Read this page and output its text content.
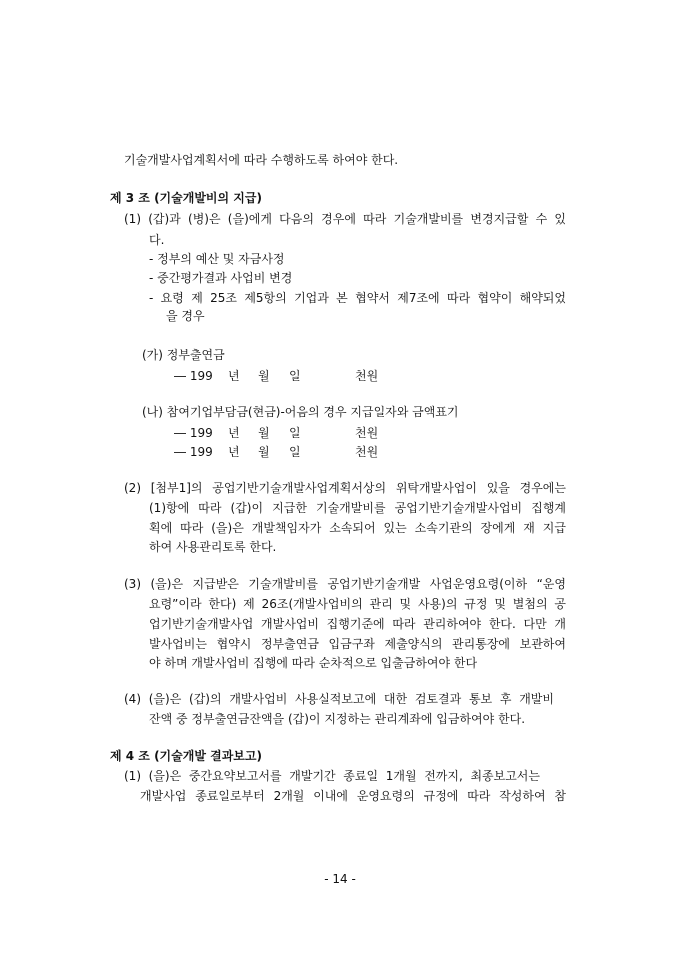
기술개발사업계획서에 따라 수행하도록 하여야 한다.
제 3 조 (기술개발비의 지급)
(1) (갑)과 (병)은 (을)에게 다음의 경우에 따라 기술개발비를 변경지급할 수 있
다.
- 정부의 예산 및 자금사정
- 중간평가결과 사업비 변경
- 요령 제 25조 제5항의 기업과 본 협약서 제7조에 따라 협약이 해약되었
을 경우
(가) 정부출연금
― 199 년 월 일	천원
(나) 참여기업부담금(현금)-어음의 경우 지급일자와 금액표기
― 199 년 월 일	천원
― 199 년 월 일	천원
(2) [첨부1]의 공업기반기술개발사업계획서상의 위탁개발사업이 있을 경우에는
(1)항에 따라 (갑)이 지급한 기술개발비를 공업기반기술개발사업비 집행계
획에 따라 (을)은 개발책임자가 소속되어 있는 소속기관의 장에게 재 지급
하여 사용관리토록 한다.
(3) (을)은 지급받은 기술개발비를 공업기반기술개발 사업운영요령(이하 “운영
요령”이라 한다) 제 26조(개발사업비의 관리 및 사용)의 규정 및 별첨의 공
업기반기술개발사업 개발사업비 집행기준에 따라 관리하여야 한다. 다만 개
발사업비는 협약시 정부출연금 입금구좌 제출양식의 관리통장에 보관하여
야 하며 개발사업비 집행에 따라 순차적으로 입출금하여야 한다
(4) (을)은 (갑)의 개발사업비 사용실적보고에 대한 검토결과 통보 후 개발비
잔액 중 정부출연금잔액을 (갑)이 지정하는 관리계좌에 입금하여야 한다.
제 4 조 (기술개발 결과보고)
(1) (을)은 중간요약보고서를 개발기간 종료일 1개월 전까지, 최종보고서는
개발사업 종료일로부터 2개월 이내에 운영요령의 규정에 따라 작성하여 참
- 14 -
